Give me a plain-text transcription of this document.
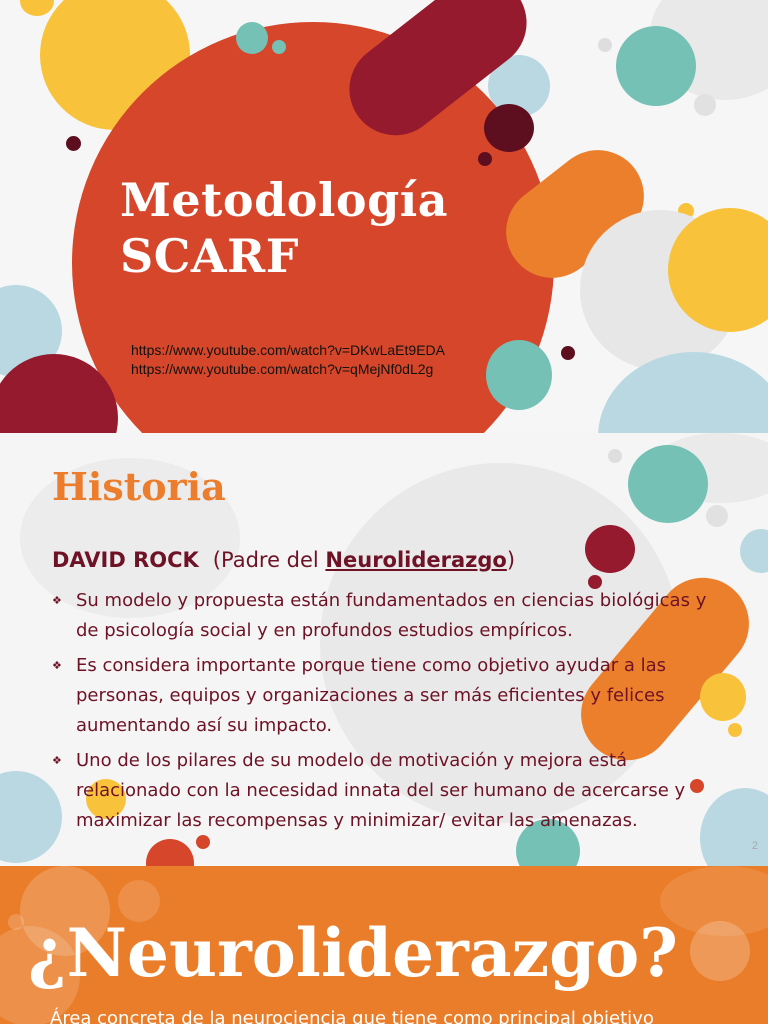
Metodología
SCARF
https://www.youtube.com/watch?v=DKwLaEt9EDA
https://www.youtube.com/watch?v=qMejNf0dL2g
Historia
DAVID ROCK (Padre del Neuroliderazgo)
❖ Su modelo y propuesta están fundamentados en ciencias biológicas y de psicología social y en profundos estudios empíricos.
❖ Es considera importante porque tiene como objetivo ayudar a las personas, equipos y organizaciones a ser más eficientes y felices aumentando así su impacto.
❖ Uno de los pilares de su modelo de motivación y mejora está relacionado con la necesidad innata del ser humano de acercarse y maximizar las recompensas y minimizar/ evitar las amenazas.
2
¿Neuroliderazgo?
Área concreta de la neurociencia que tiene como principal objetivo
